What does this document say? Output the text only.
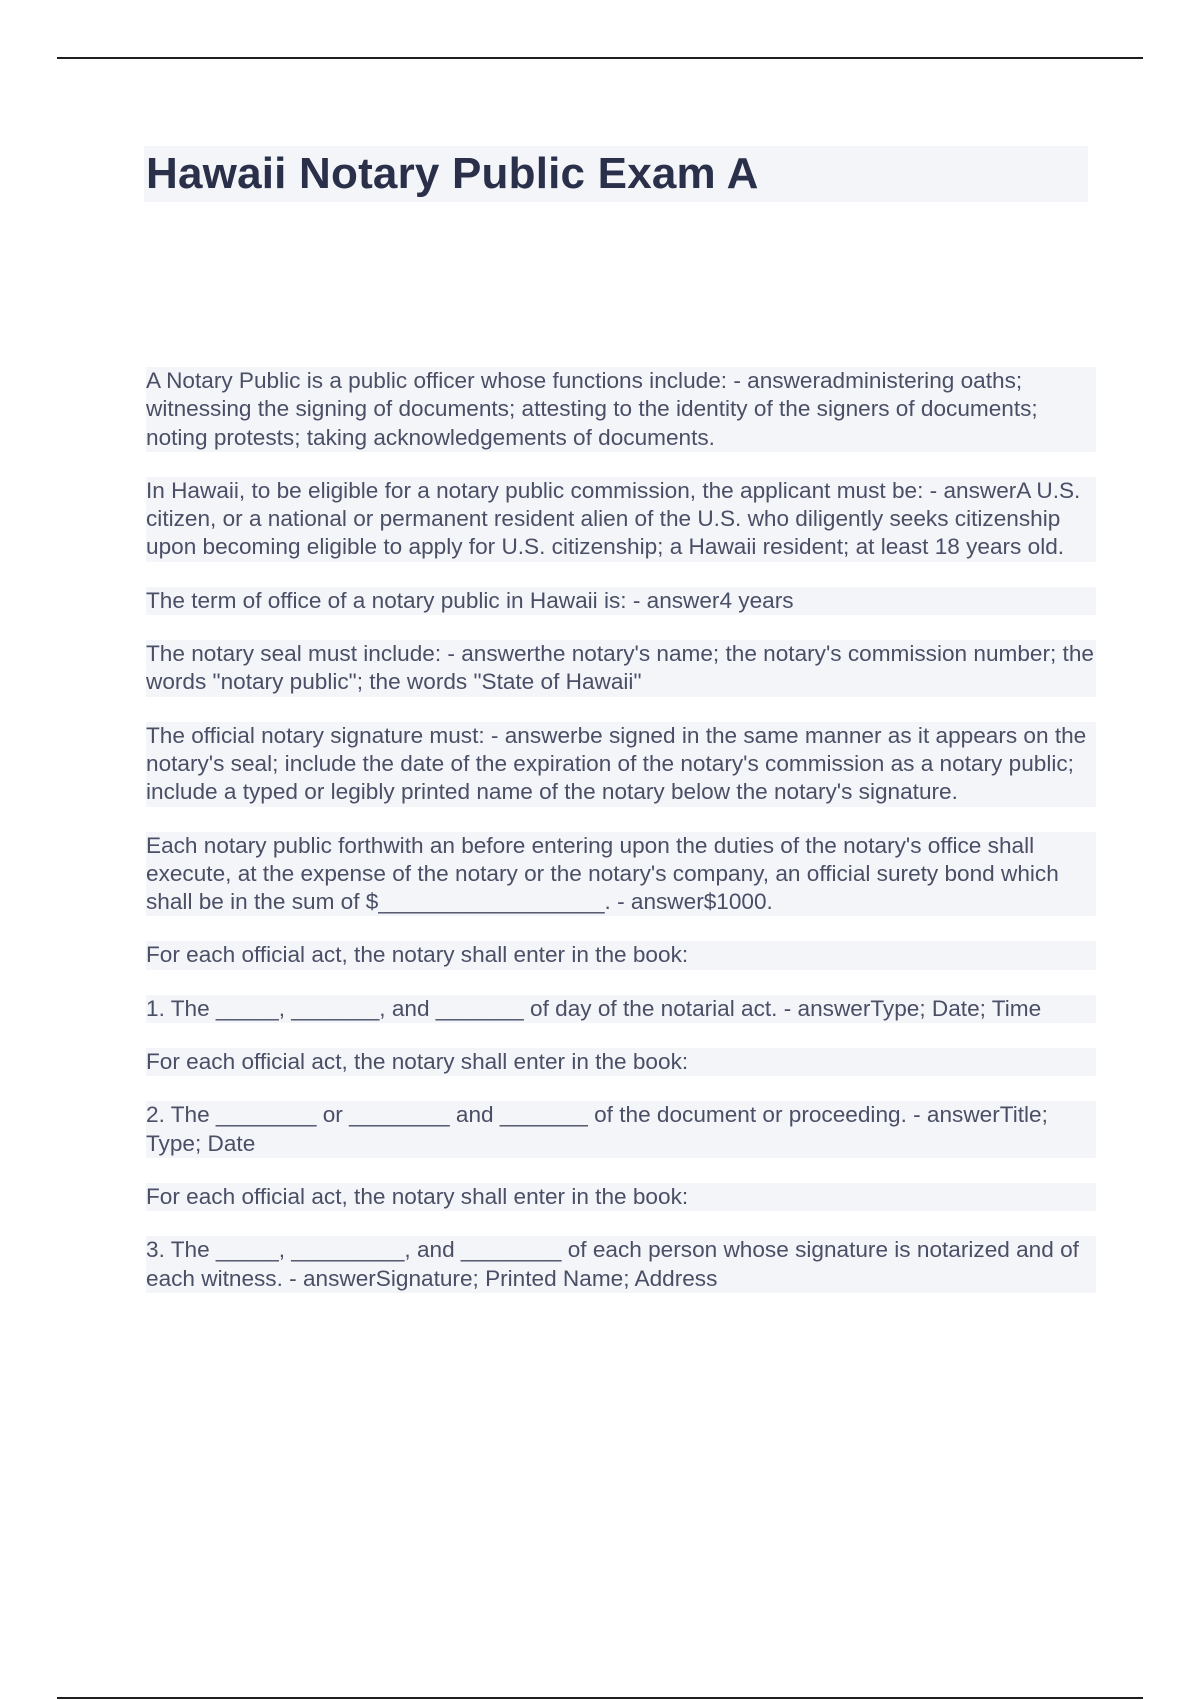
Hawaii Notary Public Exam A

A Notary Public is a public officer whose functions include: - answeradministering oaths; witnessing the signing of documents; attesting to the identity of the signers of documents; noting protests; taking acknowledgements of documents.

In Hawaii, to be eligible for a notary public commission, the applicant must be: - answerA U.S. citizen, or a national or permanent resident alien of the U.S. who diligently seeks citizenship upon becoming eligible to apply for U.S. citizenship; a Hawaii resident; at least 18 years old.

The term of office of a notary public in Hawaii is: - answer4 years

The notary seal must include: - answerthe notary's name; the notary's commission number; the words "notary public"; the words "State of Hawaii"

The official notary signature must: - answerbe signed in the same manner as it appears on the notary's seal; include the date of the expiration of the notary's commission as a notary public; include a typed or legibly printed name of the notary below the notary's signature.

Each notary public forthwith an before entering upon the duties of the notary's office shall execute, at the expense of the notary or the notary's company, an official surety bond which shall be in the sum of $__________________. - answer$1000.

For each official act, the notary shall enter in the book:

1. The _____, _______, and _______ of day of the notarial act. - answerType; Date; Time

For each official act, the notary shall enter in the book:

2. The ________ or ________ and _______ of the document or proceeding. - answerTitle; Type; Date

For each official act, the notary shall enter in the book:

3. The _____, _________, and ________ of each person whose signature is notarized and of each witness. - answerSignature; Printed Name; Address
